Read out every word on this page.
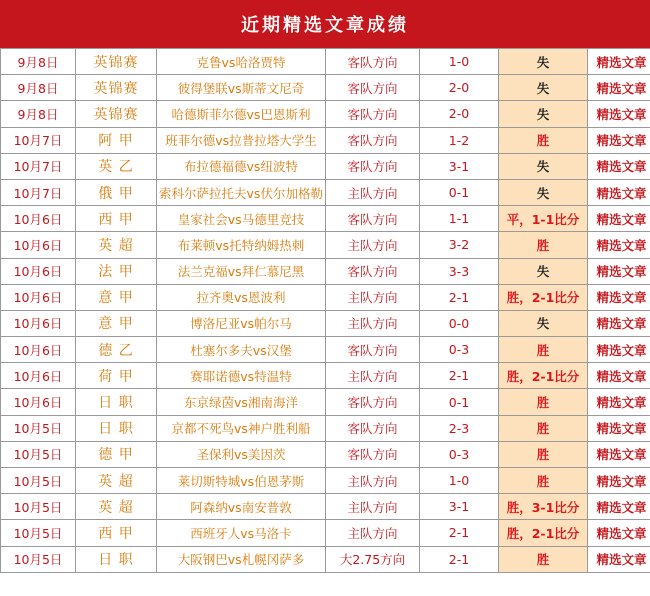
近期精选文章成绩
9月8日	英锦赛	克鲁vs哈洛贾特	客队方向	1-0	失	精选文章
9月8日	英锦赛	彼得堡联vs斯蒂文尼奇	客队方向	2-0	失	精选文章
9月8日	英锦赛	哈德斯菲尔德vs巴恩斯利	客队方向	2-0	失	精选文章
10月7日	阿 甲	班菲尔德vs拉普拉塔大学生	客队方向	1-2	胜	精选文章
10月7日	英 乙	布拉德福德vs纽波特	客队方向	3-1	失	精选文章
10月7日	俄 甲	索科尔萨拉托夫vs伏尔加格勒	主队方向	0-1	失	精选文章
10月6日	西 甲	皇家社会vs马德里竞技	客队方向	1-1	平，1-1比分	精选文章
10月6日	英 超	布莱顿vs托特纳姆热刺	主队方向	3-2	胜	精选文章
10月6日	法 甲	法兰克福vs拜仁慕尼黑	客队方向	3-3	失	精选文章
10月6日	意 甲	拉齐奥vs恩波利	主队方向	2-1	胜，2-1比分	精选文章
10月6日	意 甲	博洛尼亚vs帕尔马	主队方向	0-0	失	精选文章
10月6日	德 乙	杜塞尔多夫vs汉堡	客队方向	0-3	胜	精选文章
10月6日	荷 甲	赛耶诺德vs特温特	主队方向	2-1	胜，2-1比分	精选文章
10月6日	日 职	东京绿茵vs湘南海洋	客队方向	0-1	胜	精选文章
10月5日	日 职	京都不死鸟vs神户胜利船	客队方向	2-3	胜	精选文章
10月5日	德 甲	圣保利vs美因茨	客队方向	0-3	胜	精选文章
10月5日	英 超	莱切斯特城vs伯恩茅斯	主队方向	1-0	胜	精选文章
10月5日	英 超	阿森纳vs南安普敦	主队方向	3-1	胜，3-1比分	精选文章
10月5日	西 甲	西班牙人vs马洛卡	主队方向	2-1	胜，2-1比分	精选文章
10月5日	日 职	大阪钢巴vs札幌冈萨多	大2.75方向	2-1	胜	精选文章
